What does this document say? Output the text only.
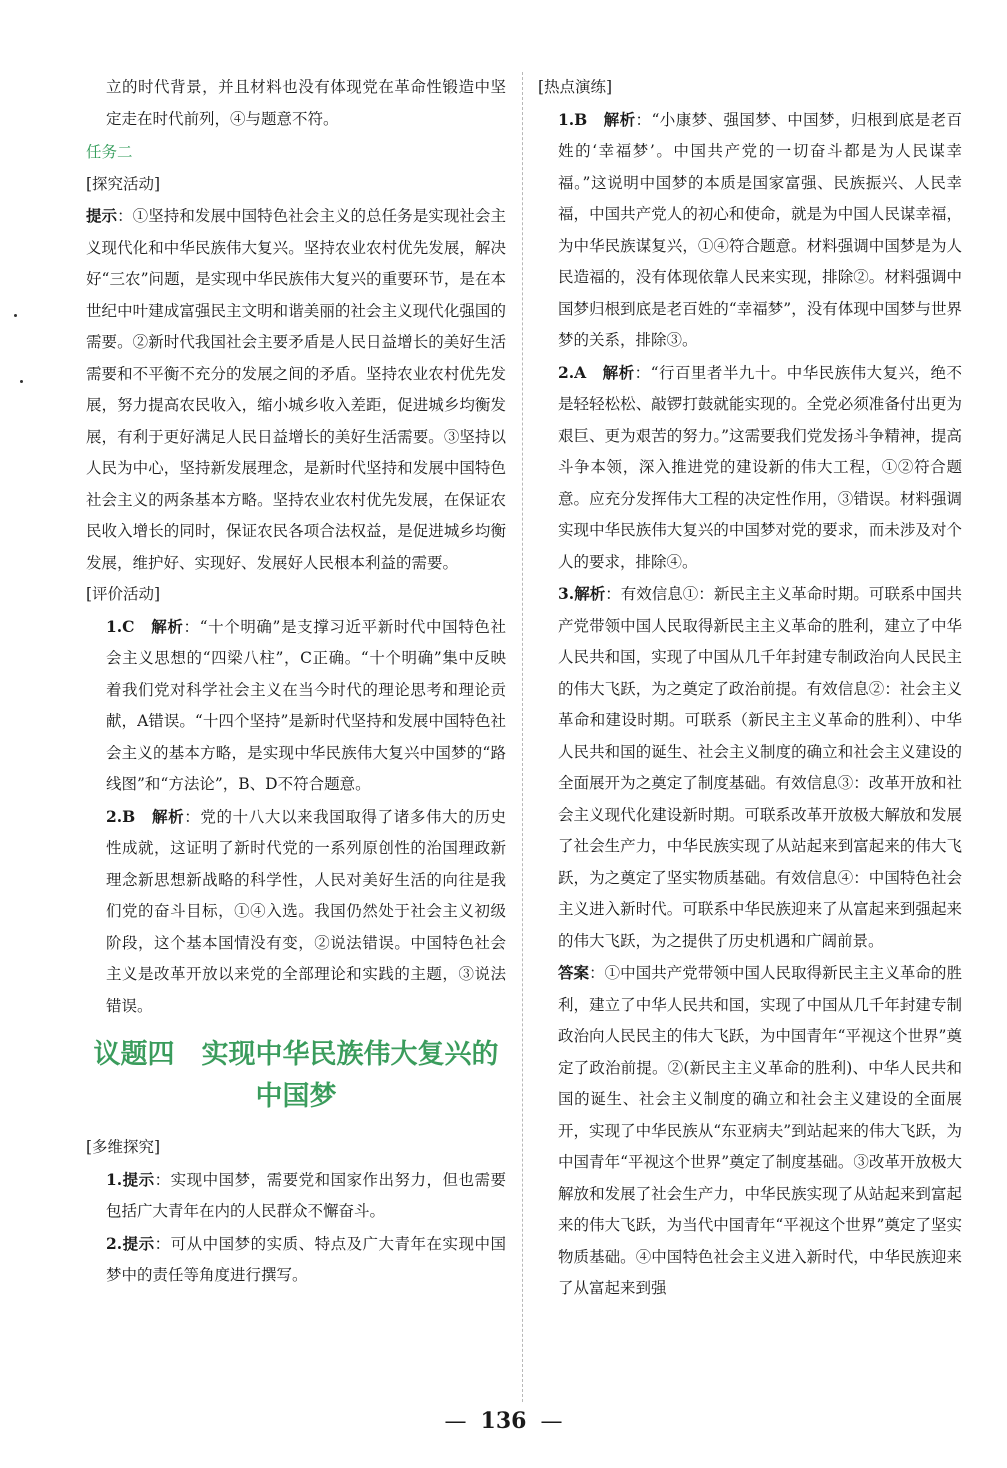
立的时代背景，并且材料也没有体现党在革命性锻造中坚定走在时代前列，④与题意不符。

任务二

[探究活动]

提示：①坚持和发展中国特色社会主义的总任务是实现社会主义现代化和中华民族伟大复兴。坚持农业农村优先发展，解决好“三农”问题，是实现中华民族伟大复兴的重要环节，是在本世纪中叶建成富强民主文明和谐美丽的社会主义现代化强国的需要。②新时代我国社会主要矛盾是人民日益增长的美好生活需要和不平衡不充分的发展之间的矛盾。坚持农业农村优先发展，努力提高农民收入，缩小城乡收入差距，促进城乡均衡发展，有利于更好满足人民日益增长的美好生活需要。③坚持以人民为中心，坚持新发展理念，是新时代坚持和发展中国特色社会主义的两条基本方略。坚持农业农村优先发展，在保证农民收入增长的同时，保证农民各项合法权益，是促进城乡均衡发展，维护好、实现好、发展好人民根本利益的需要。

[评价活动]

1.C　 解析：“十个明确”是支撑习近平新时代中国特色社会主义思想的“四梁八柱”，C正确。“十个明确”集中反映着我们党对科学社会主义在当今时代的理论思考和理论贡献，A错误。“十四个坚持”是新时代坚持和发展中国特色社会主义的基本方略，是实现中华民族伟大复兴中国梦的“路线图”和“方法论”，B、D不符合题意。

2.B　 解析：党的十八大以来我国取得了诸多伟大的历史性成就，这证明了新时代党的一系列原创性的治国理政新理念新思想新战略的科学性，人民对美好生活的向往是我们党的奋斗目标，①④入选。我国仍然处于社会主义初级阶段，这个基本国情没有变，②说法错误。中国特色社会主义是改革开放以来党的全部理论和实践的主题，③说法错误。

议题四　实现中华民族伟大复兴的
中国梦

[多维探究]

1.提示：实现中国梦，需要党和国家作出努力，但也需要包括广大青年在内的人民群众不懈奋斗。

2.提示：可从中国梦的实质、特点及广大青年在实现中国梦中的责任等角度进行撰写。

[热点演练]

1.B　 解析：“小康梦、强国梦、中国梦，归根到底是老百姓的‘幸福梦’。中国共产党的一切奋斗都是为人民谋幸福。”这说明中国梦的本质是国家富强、民族振兴、人民幸福，中国共产党人的初心和使命，就是为中国人民谋幸福，为中华民族谋复兴，①④符合题意。材料强调中国梦是为人民造福的，没有体现依靠人民来实现，排除②。材料强调中国梦归根到底是老百姓的“幸福梦”，没有体现中国梦与世界梦的关系，排除③。

2.A　 解析：“行百里者半九十。中华民族伟大复兴，绝不是轻轻松松、敲锣打鼓就能实现的。全党必须准备付出更为艰巨、更为艰苦的努力。”这需要我们党发扬斗争精神，提高斗争本领，深入推进党的建设新的伟大工程，①②符合题意。应充分发挥伟大工程的决定性作用，③错误。材料强调实现中华民族伟大复兴的中国梦对党的要求，而未涉及对个人的要求，排除④。

3.解析：有效信息①：新民主主义革命时期。可联系中国共产党带领中国人民取得新民主主义革命的胜利，建立了中华人民共和国，实现了中国从几千年封建专制政治向人民民主的伟大飞跃，为之奠定了政治前提。有效信息②：社会主义革命和建设时期。可联系（新民主主义革命的胜利）、中华人民共和国的诞生、社会主义制度的确立和社会主义建设的全面展开为之奠定了制度基础。有效信息③：改革开放和社会主义现代化建设新时期。可联系改革开放极大解放和发展了社会生产力，中华民族实现了从站起来到富起来的伟大飞跃，为之奠定了坚实物质基础。有效信息④：中国特色社会主义进入新时代。可联系中华民族迎来了从富起来到强起来的伟大飞跃，为之提供了历史机遇和广阔前景。

答案：①中国共产党带领中国人民取得新民主主义革命的胜利，建立了中华人民共和国，实现了中国从几千年封建专制政治向人民民主的伟大飞跃，为中国青年“平视这个世界”奠定了政治前提。②(新民主主义革命的胜利)、中华人民共和国的诞生、社会主义制度的确立和社会主义建设的全面展开，实现了中华民族从“东亚病夫”到站起来的伟大飞跃，为中国青年“平视这个世界”奠定了制度基础。③改革开放极大解放和发展了社会生产力，中华民族实现了从站起来到富起来的伟大飞跃，为当代中国青年“平视这个世界”奠定了坚实物质基础。④中国特色社会主义进入新时代，中华民族迎来了从富起来到强

— 136 —
